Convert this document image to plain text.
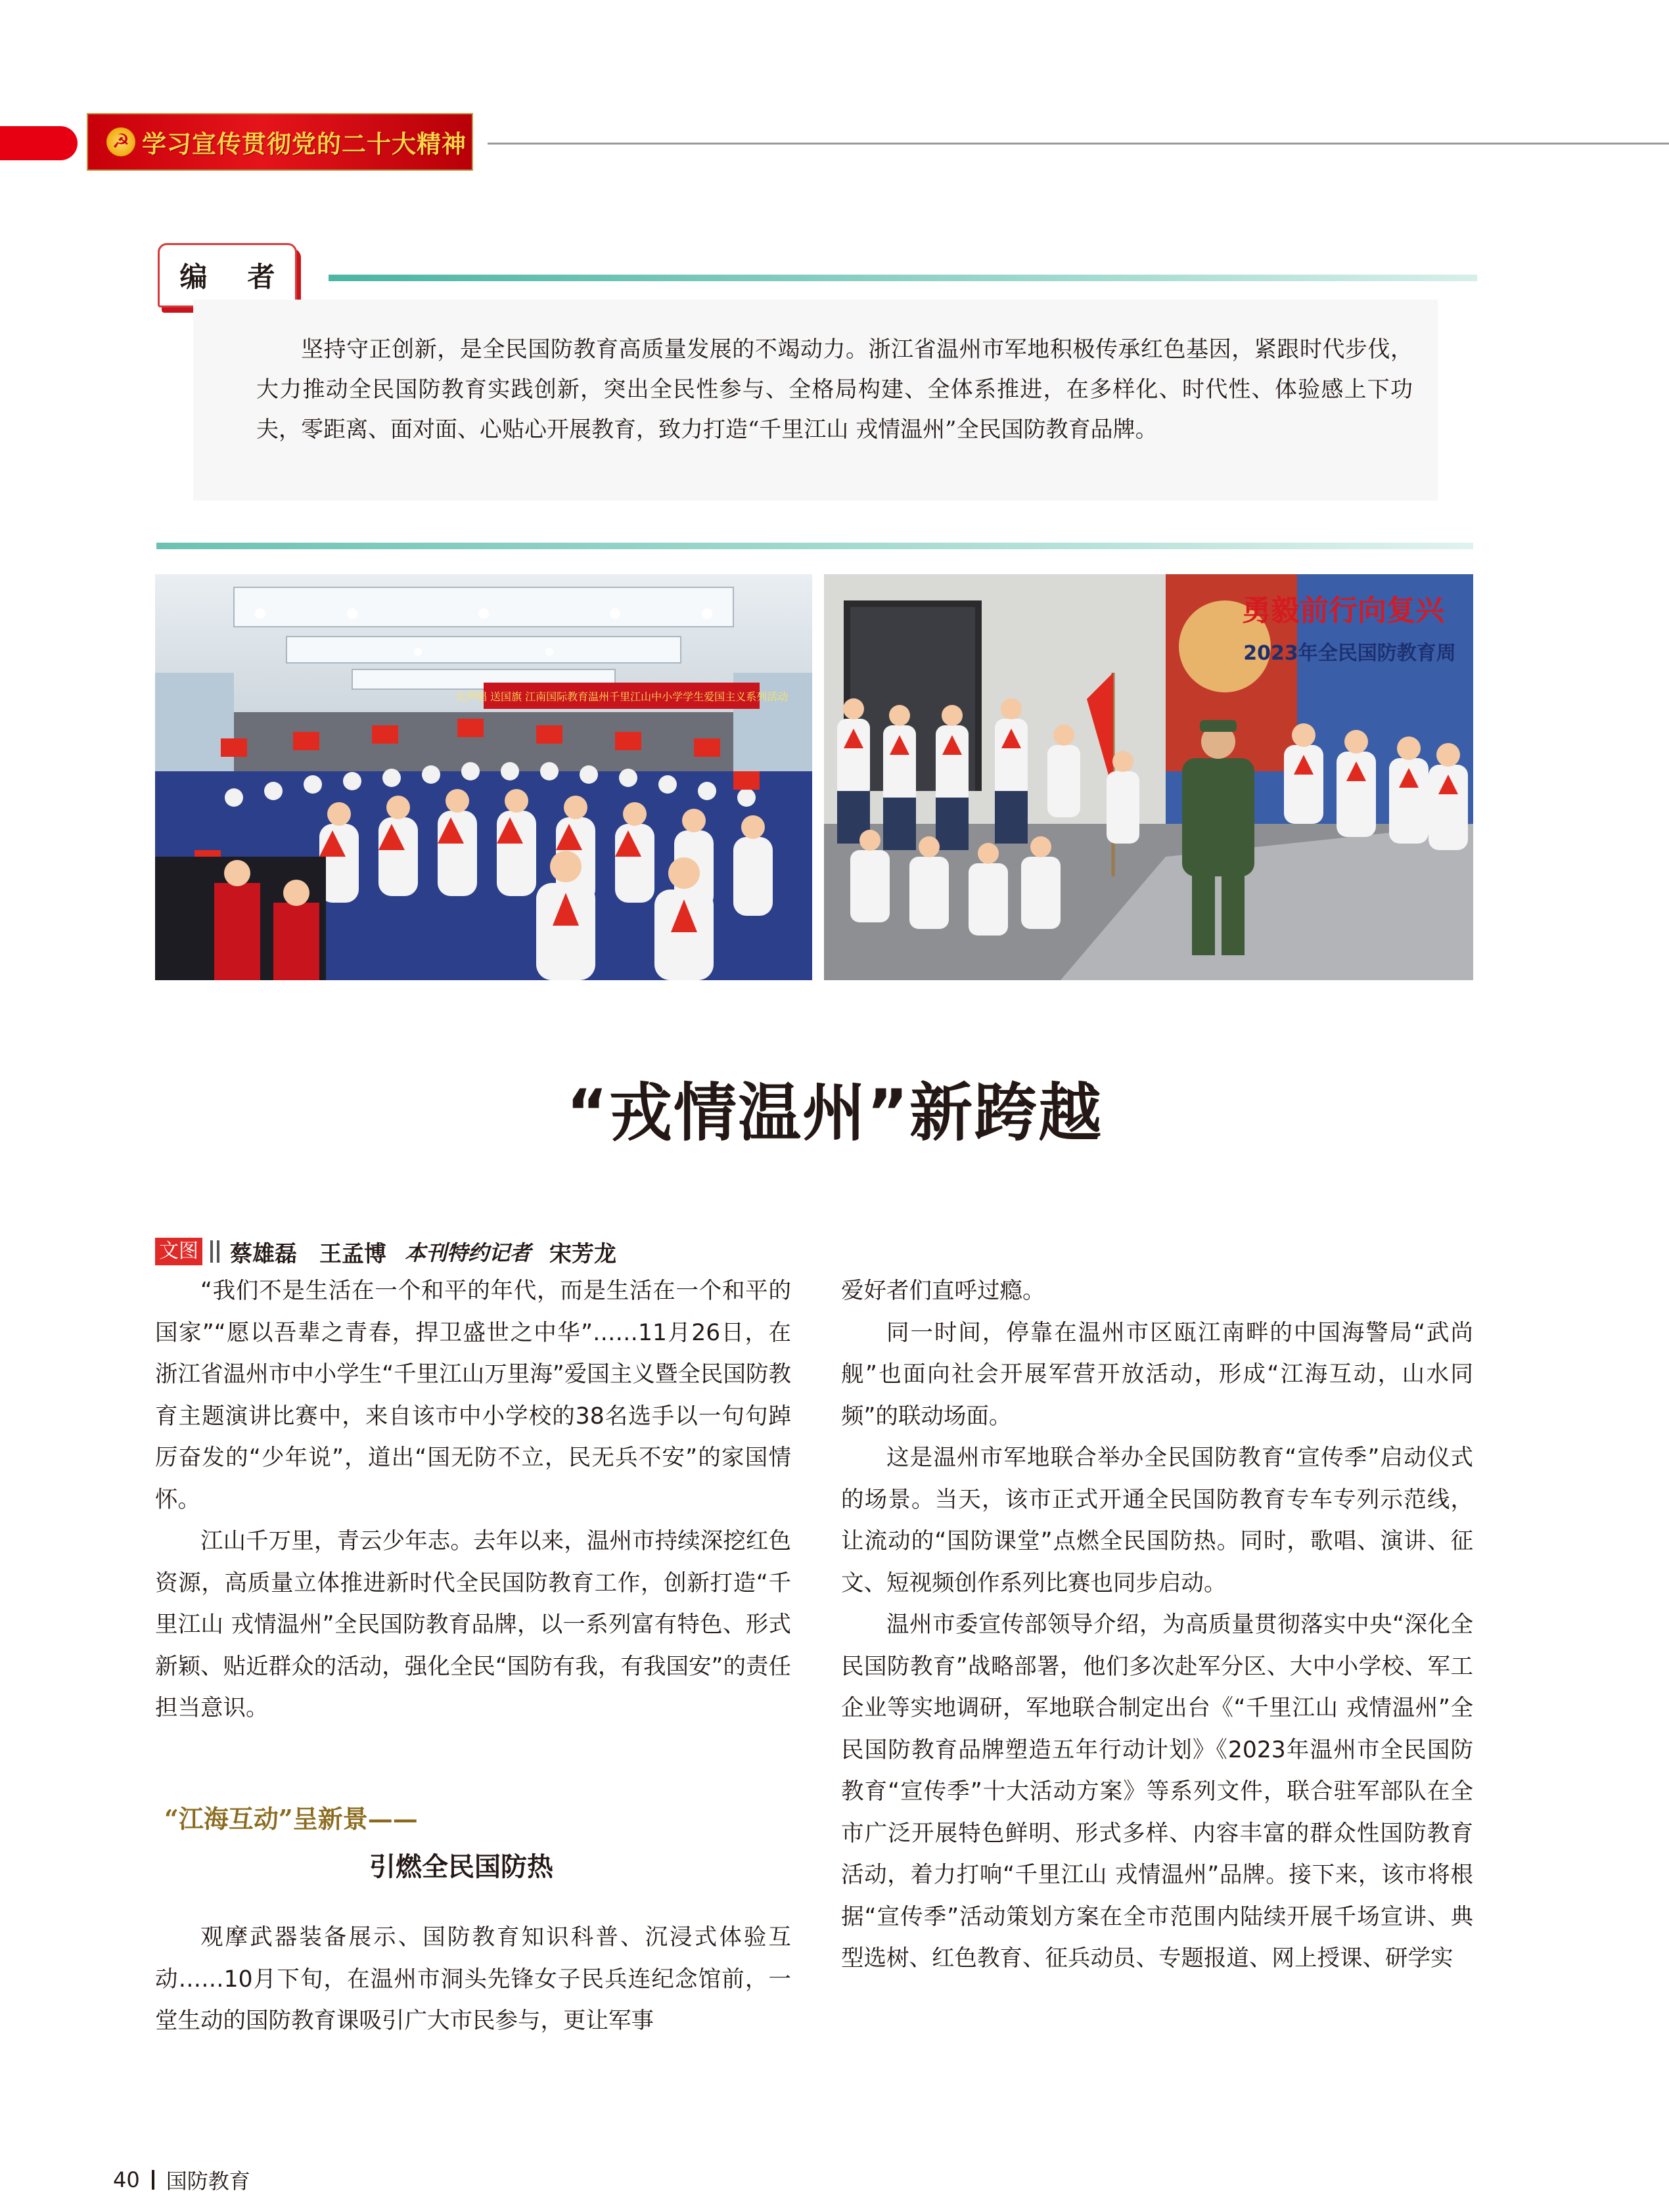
☭ 学习宣传贯彻党的二十大精神
编 者
坚持守正创新，是全民国防教育高质量发展的不竭动力。浙江省温州市军地积极传承红色基因，紧跟时代步伐，大力推动全民国防教育实践创新，突出全民性参与、全格局构建、全体系推进，在多样化、时代性、体验感上下功夫，零距离、面对面、心贴心开展教育，致力打造“千里江山 戎情温州”全民国防教育品牌。
大声唱 送国旗 江南国际教育温州千里江山中小学学生爱国主义系列活动
勇毅前行向复兴
2023年全民国防教育周
“戎情温州”新跨越
文图 蔡雄磊　王孟博 本刊特约记者 宋芳龙

“我们不是生活在一个和平的年代，而是生活在一个和平的国家”“愿以吾辈之青春，捍卫盛世之中华”……11月26日，在浙江省温州市中小学生“千里江山万里海”爱国主义暨全民国防教育主题演讲比赛中，来自该市中小学校的38名选手以一句句踔厉奋发的“少年说”，道出“国无防不立，民无兵不安”的家国情怀。

江山千万里，青云少年志。去年以来，温州市持续深挖红色资源，高质量立体推进新时代全民国防教育工作，创新打造“千里江山 戎情温州”全民国防教育品牌，以一系列富有特色、形式新颖、贴近群众的活动，强化全民“国防有我，有我国安”的责任担当意识。

“江海互动”呈新景——
引燃全民国防热

观摩武器装备展示、国防教育知识科普、沉浸式体验互动……10月下旬，在温州市洞头先锋女子民兵连纪念馆前，一堂生动的国防教育课吸引广大市民参与，更让军事

爱好者们直呼过瘾。

同一时间，停靠在温州市区瓯江南畔的中国海警局“武尚舰”也面向社会开展军营开放活动，形成“江海互动，山水同频”的联动场面。

这是温州市军地联合举办全民国防教育“宣传季”启动仪式的场景。当天，该市正式开通全民国防教育专车专列示范线，让流动的“国防课堂”点燃全民国防热。同时，歌唱、演讲、征文、短视频创作系列比赛也同步启动。

温州市委宣传部领导介绍，为高质量贯彻落实中央“深化全民国防教育”战略部署，他们多次赴军分区、大中小学校、军工企业等实地调研，军地联合制定出台《“千里江山 戎情温州”全民国防教育品牌塑造五年行动计划》《2023年温州市全民国防教育“宣传季”十大活动方案》等系列文件，联合驻军部队在全市广泛开展特色鲜明、形式多样、内容丰富的群众性国防教育活动，着力打响“千里江山 戎情温州”品牌。接下来，该市将根据“宣传季”活动策划方案在全市范围内陆续开展千场宣讲、典型选树、红色教育、征兵动员、专题报道、网上授课、研学实

40 国防教育
